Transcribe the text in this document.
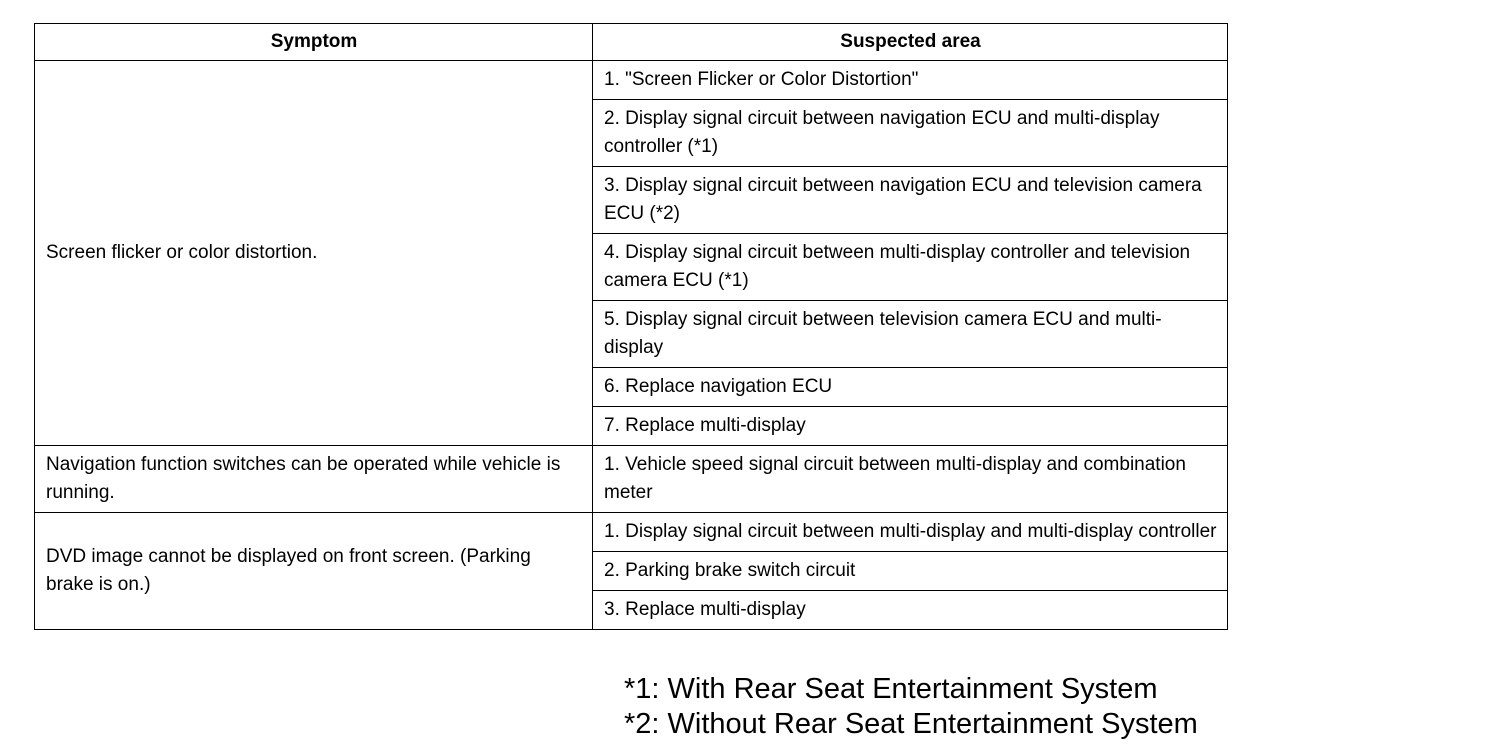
Symptom	Suspected area
Screen flicker or color distortion.	1. "Screen Flicker or Color Distortion"
	2. Display signal circuit between navigation ECU and multi-display controller (*1)
	3. Display signal circuit between navigation ECU and television camera ECU (*2)
	4. Display signal circuit between multi-display controller and television camera ECU (*1)
	5. Display signal circuit between television camera ECU and multi-display
	6. Replace navigation ECU
	7. Replace multi-display
Navigation function switches can be operated while vehicle is running.	1. Vehicle speed signal circuit between multi-display and combination meter
DVD image cannot be displayed on front screen. (Parking brake is on.)	1. Display signal circuit between multi-display and multi-display controller
	2. Parking brake switch circuit
	3. Replace multi-display
*1: With Rear Seat Entertainment System
*2: Without Rear Seat Entertainment System
